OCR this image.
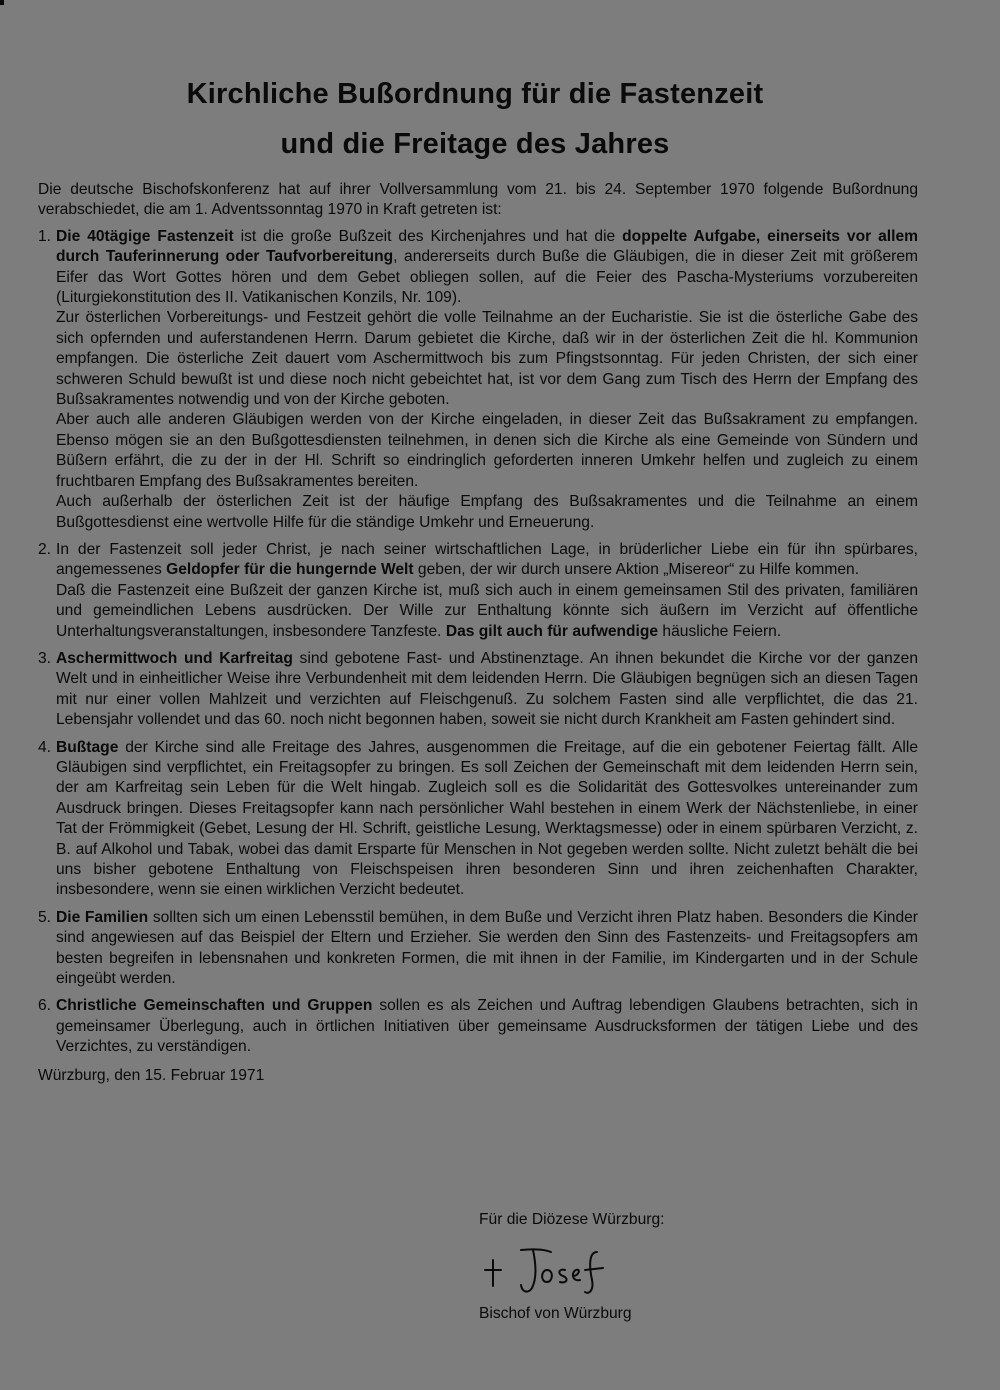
Kirchliche Bußordnung für die Fastenzeit
und die Freitage des Jahres

Die deutsche Bischofskonferenz hat auf ihrer Vollversammlung vom 21. bis 24. September 1970 folgende Bußordnung verabschiedet, die am 1. Adventssonntag 1970 in Kraft getreten ist:

1. Die 40tägige Fastenzeit ist die große Bußzeit des Kirchenjahres und hat die doppelte Aufgabe, einerseits vor allem durch Tauferinnerung oder Taufvorbereitung, andererseits durch Buße die Gläubigen, die in dieser Zeit mit größerem Eifer das Wort Gottes hören und dem Gebet obliegen sollen, auf die Feier des Pascha-Mysteriums vorzubereiten (Liturgiekonstitution des II. Vatikanischen Konzils, Nr. 109).

Zur österlichen Vorbereitungs- und Festzeit gehört die volle Teilnahme an der Eucharistie. Sie ist die österliche Gabe des sich opfernden und auferstandenen Herrn. Darum gebietet die Kirche, daß wir in der österlichen Zeit die hl. Kommunion empfangen. Die österliche Zeit dauert vom Aschermittwoch bis zum Pfingstsonntag. Für jeden Christen, der sich einer schweren Schuld bewußt ist und diese noch nicht gebeichtet hat, ist vor dem Gang zum Tisch des Herrn der Empfang des Bußsakramentes notwendig und von der Kirche geboten.

Aber auch alle anderen Gläubigen werden von der Kirche eingeladen, in dieser Zeit das Bußsakrament zu empfangen. Ebenso mögen sie an den Bußgottesdiensten teilnehmen, in denen sich die Kirche als eine Gemeinde von Sündern und Büßern erfährt, die zu der in der Hl. Schrift so eindringlich geforderten inneren Umkehr helfen und zugleich zu einem fruchtbaren Empfang des Bußsakramentes bereiten.

Auch außerhalb der österlichen Zeit ist der häufige Empfang des Bußsakramentes und die Teilnahme an einem Bußgottesdienst eine wertvolle Hilfe für die ständige Umkehr und Erneuerung.

2. In der Fastenzeit soll jeder Christ, je nach seiner wirtschaftlichen Lage, in brüderlicher Liebe ein für ihn spürbares, angemessenes Geldopfer für die hungernde Welt geben, der wir durch unsere Aktion „Misereor“ zu Hilfe kommen.

Daß die Fastenzeit eine Bußzeit der ganzen Kirche ist, muß sich auch in einem gemeinsamen Stil des privaten, familiären und gemeindlichen Lebens ausdrücken. Der Wille zur Enthaltung könnte sich äußern im Verzicht auf öffentliche Unterhaltungsveranstaltungen, insbesondere Tanzfeste. Das gilt auch für aufwendige häusliche Feiern.

3. Aschermittwoch und Karfreitag sind gebotene Fast- und Abstinenztage. An ihnen bekundet die Kirche vor der ganzen Welt und in einheitlicher Weise ihre Verbundenheit mit dem leidenden Herrn. Die Gläubigen begnügen sich an diesen Tagen mit nur einer vollen Mahlzeit und verzichten auf Fleischgenuß. Zu solchem Fasten sind alle verpflichtet, die das 21. Lebensjahr vollendet und das 60. noch nicht begonnen haben, soweit sie nicht durch Krankheit am Fasten gehindert sind.

4. Bußtage der Kirche sind alle Freitage des Jahres, ausgenommen die Freitage, auf die ein gebotener Feiertag fällt. Alle Gläubigen sind verpflichtet, ein Freitagsopfer zu bringen. Es soll Zeichen der Gemeinschaft mit dem leidenden Herrn sein, der am Karfreitag sein Leben für die Welt hingab. Zugleich soll es die Solidarität des Gottesvolkes untereinander zum Ausdruck bringen. Dieses Freitagsopfer kann nach persönlicher Wahl bestehen in einem Werk der Nächstenliebe, in einer Tat der Frömmigkeit (Gebet, Lesung der Hl. Schrift, geistliche Lesung, Werktagsmesse) oder in einem spürbaren Verzicht, z. B. auf Alkohol und Tabak, wobei das damit Ersparte für Menschen in Not gegeben werden sollte. Nicht zuletzt behält die bei uns bisher gebotene Enthaltung von Fleischspeisen ihren besonderen Sinn und ihren zeichenhaften Charakter, insbesondere, wenn sie einen wirklichen Verzicht bedeutet.

5. Die Familien sollten sich um einen Lebensstil bemühen, in dem Buße und Verzicht ihren Platz haben. Besonders die Kinder sind angewiesen auf das Beispiel der Eltern und Erzieher. Sie werden den Sinn des Fastenzeits- und Freitagsopfers am besten begreifen in lebensnahen und konkreten Formen, die mit ihnen in der Familie, im Kindergarten und in der Schule eingeübt werden.

6. Christliche Gemeinschaften und Gruppen sollen es als Zeichen und Auftrag lebendigen Glaubens betrachten, sich in gemeinsamer Überlegung, auch in örtlichen Initiativen über gemeinsame Ausdrucksformen der tätigen Liebe und des Verzichtes, zu verständigen.

Würzburg, den 15. Februar 1971

Für die Diözese Würzburg:
Bischof von Würzburg
